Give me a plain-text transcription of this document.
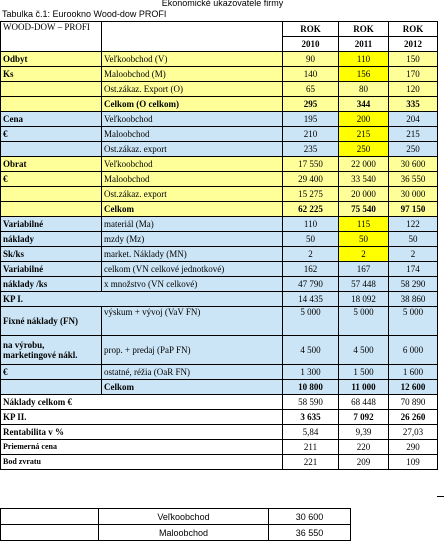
Ekonomické ukazovatele firmy
Tabulka č.1: Eurookno Wood-dow PROFI
WOOD-DOW – PROFI		ROK	ROK	ROK
		2010	2011	2012
Odbyt	Veľkoobchod (V)	90	110	150
Ks	Maloobchod (M)	140	156	170
	Ost.zákaz. Export (O)	65	80	120
	Celkom (O celkom)	295	344	335
Cena	Veľkoobchod	195	200	204
€	Maloobchod	210	215	215
	Ost.zákaz. export	235	250	250
Obrat	Veľkoobchod	17 550	22 000	30 600
€	Maloobchod	29 400	33 540	36 550
	Ost.zákaz. export	15 275	20 000	30 000
	Celkom	62 225	75 540	97 150
Variabilné	materiál (Ma)	110	115	122
náklady	mzdy (Mz)	50	50	50
Sk/ks	market. Náklady (MN)	2	2	2
Variabilné	celkom (VN celkové jednotkové)	162	167	174
náklady /ks	x množstvo (VN celkové)	47 790	57 448	58 290
KP I.		14 435	18 092	38 860
Fixné náklady (FN)	výskum + vývoj (VaV FN)	5 000	5 000	5 000
na výrobu, marketingové nákl.	prop. + predaj (PaP FN)	4 500	4 500	6 000
€	ostatné, réžia (OaR FN)	1 300	1 500	1 600
	Celkom	10 800	11 000	12 600
Náklady celkom €		58 590	68 448	70 890
KP II.		3 635	7 092	26 260
Rentabilita v %		5,84	9,39	27,03
Priemerná cena		211	220	290
Bod zvratu		221	209	109
	Veľkoobchod	30 600
	Maloobchod	36 550
